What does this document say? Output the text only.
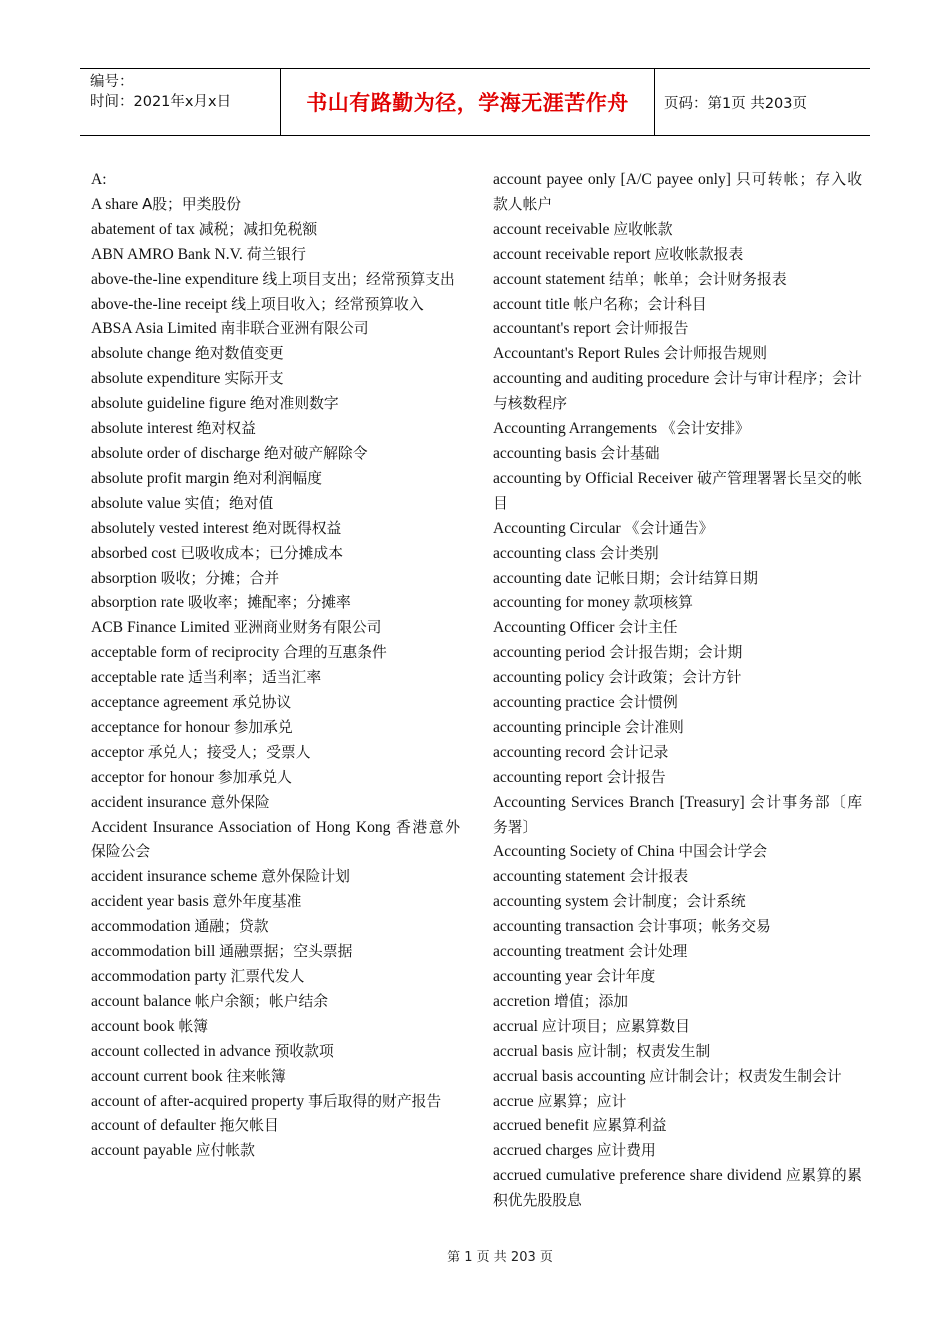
编号：
时间：2021年x月x日	书山有路勤为径，学海无涯苦作舟	页码：第1页 共203页
A:
A share A股；甲类股份
abatement of tax 减税；减扣免税额
ABN AMRO Bank N.V. 荷兰银行
above-the-line expenditure 线上项目支出；经常预算支出
above-the-line receipt 线上项目收入；经常预算收入
ABSA Asia Limited 南非联合亚洲有限公司
absolute change 绝对数值变更
absolute expenditure 实际开支
absolute guideline figure 绝对准则数字
absolute interest 绝对权益
absolute order of discharge 绝对破产解除令
absolute profit margin 绝对利润幅度
absolute value 实值；绝对值
absolutely vested interest 绝对既得权益
absorbed cost 已吸收成本；已分摊成本
absorption 吸收；分摊；合并
absorption rate 吸收率；摊配率；分摊率
ACB Finance Limited 亚洲商业财务有限公司
acceptable form of reciprocity 合理的互惠条件
acceptable rate 适当利率；适当汇率
acceptance agreement 承兑协议
acceptance for honour 参加承兑
acceptor 承兑人；接受人；受票人
acceptor for honour 参加承兑人
accident insurance 意外保险
Accident Insurance Association of Hong Kong 香港意外保险公会
accident insurance scheme 意外保险计划
accident year basis 意外年度基准
accommodation 通融；贷款
accommodation bill 通融票据；空头票据
accommodation party 汇票代发人
account balance 帐户余额；帐户结余
account book 帐簿
account collected in advance 预收款项
account current book 往来帐簿
account of after-acquired property 事后取得的财产报告
account of defaulter 拖欠帐目
account payable 应付帐款
account payee only [A/C payee only] 只可转帐；存入收款人帐户
account receivable 应收帐款
account receivable report 应收帐款报表
account statement 结单；帐单；会计财务报表
account title 帐户名称；会计科目
accountant's report 会计师报告
Accountant's Report Rules 会计师报告规则
accounting and auditing procedure 会计与审计程序；会计与核数程序
Accounting Arrangements 《会计安排》
accounting basis 会计基础
accounting by Official Receiver 破产管理署署长呈交的帐目
Accounting Circular 《会计通告》
accounting class 会计类别
accounting date 记帐日期；会计结算日期
accounting for money 款项核算
Accounting Officer 会计主任
accounting period 会计报告期；会计期
accounting policy 会计政策；会计方针
accounting practice 会计惯例
accounting principle 会计准则
accounting record 会计记录
accounting report 会计报告
Accounting Services Branch [Treasury] 会计事务部〔库务署〕
Accounting Society of China 中国会计学会
accounting statement 会计报表
accounting system 会计制度；会计系统
accounting transaction 会计事项；帐务交易
accounting treatment 会计处理
accounting year 会计年度
accretion 增值；添加
accrual 应计项目；应累算数目
accrual basis 应计制；权责发生制
accrual basis accounting 应计制会计；权责发生制会计
accrue 应累算；应计
accrued benefit 应累算利益
accrued charges 应计费用
accrued cumulative preference share dividend 应累算的累积优先股股息
第 1 页 共 203 页
